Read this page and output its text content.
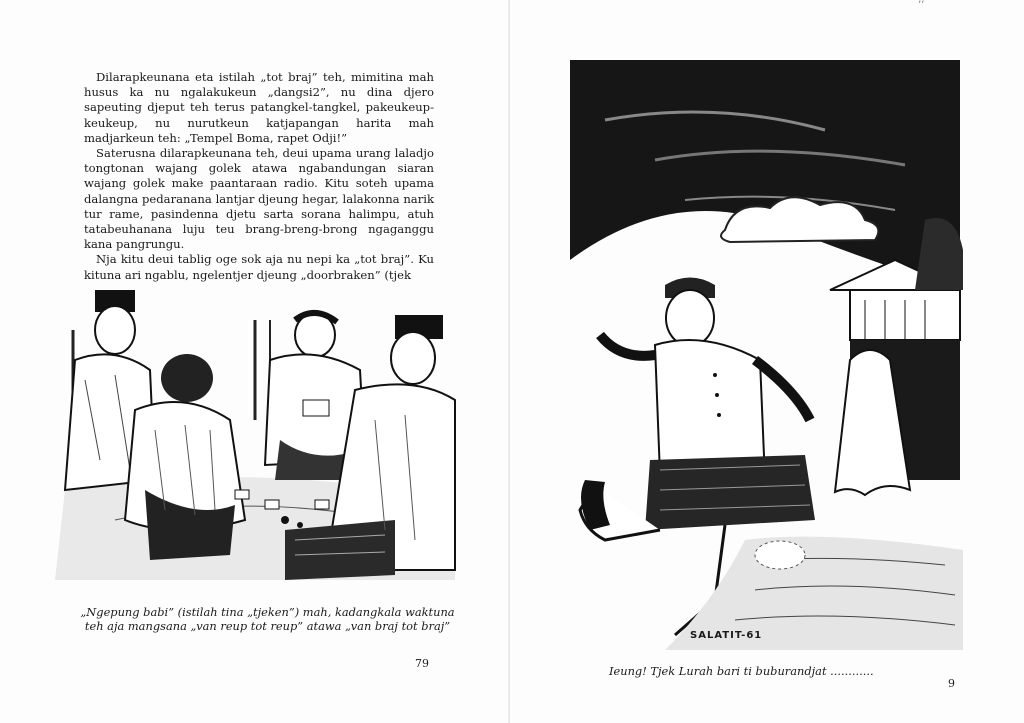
Dilarapkeunana eta istilah „tot braj” teh, mimitina mah husus ka nu ngalakukeun „dangsi2”, nu dina djero sapeuting djeput teh terus patangkel-tangkel, pakeukeup-keukeup, nu nurutkeun katjapangan harita mah madjarkeun teh: „Tempel Boma, rapet Odji!”

Saterusna dilarapkeunana teh, deui upama urang laladjo tongtonan wajang golek atawa ngabandungan siaran wajang golek make paantaraan radio. Kitu soteh upama dalangna pedaranana lantjar djeung hegar, lalakonna narik tur rame, pasindenna djetu sarta sorana halimpu, atuh tatabeuhanana luju teu brang-breng-brong ngaganggu kana pangrungu.

Nja kitu deui tablig oge sok aja nu nepi ka „tot braj”. Ku kituna ari ngablu, ngelentjer djeung „doorbraken” (tjek

„Ngepung babi” (istilah tina „tjeken”) mah, kadangkala waktuna teh aja mangsana „van reup tot reup” atawa „van braj tot braj”
79
SALATIT-61
Ieung! Tjek Lurah bari ti buburandjat ............
9
’’
